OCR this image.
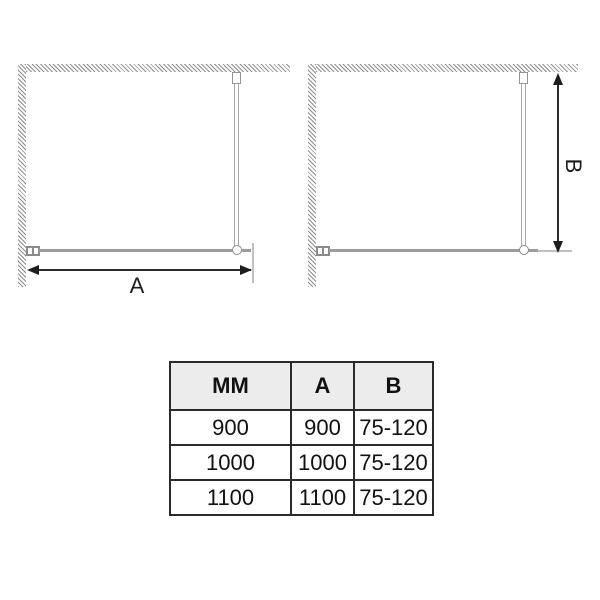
A
B
MM	A	B
900	900	75-120
1000	1000	75-120
1100	1100	75-120
